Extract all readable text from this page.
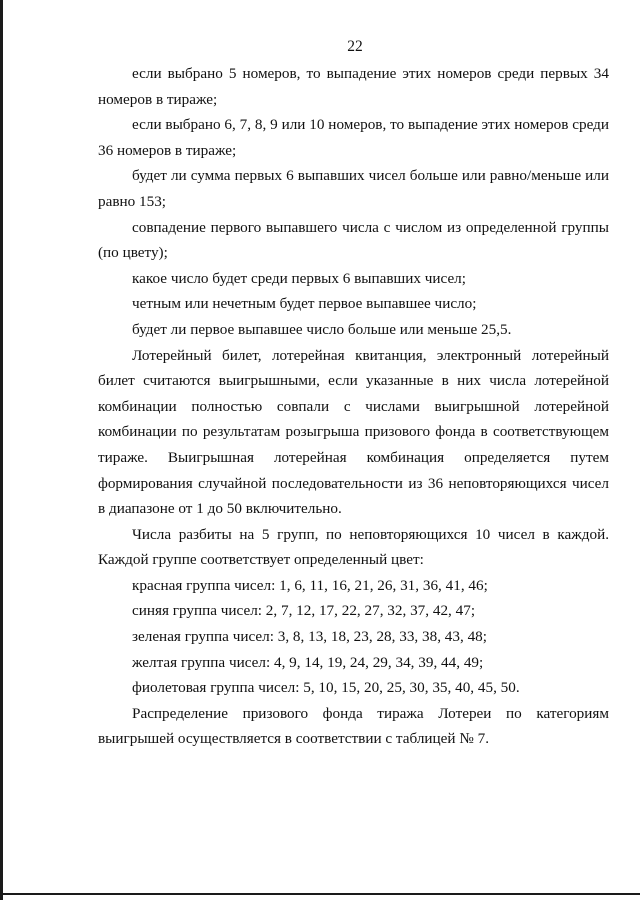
22

если выбрано 5 номеров, то выпадение этих номеров среди первых 34 номеров в тираже;

если выбрано 6, 7, 8, 9 или 10 номеров, то выпадение этих номеров среди 36 номеров в тираже;

будет ли сумма первых 6 выпавших чисел больше или равно/меньше или равно 153;

совпадение первого выпавшего числа с числом из определенной группы (по цвету);

какое число будет среди первых 6 выпавших чисел;

четным или нечетным будет первое выпавшее число;

будет ли первое выпавшее число больше или меньше 25,5.

Лотерейный билет, лотерейная квитанция, электронный лотерейный билет считаются выигрышными, если указанные в них числа лотерейной комбинации полностью совпали с числами выигрышной лотерейной комбинации по результатам розыгрыша призового фонда в соответствующем тираже. Выигрышная лотерейная комбинация определяется путем формирования случайной последовательности из 36 неповторяющихся чисел в диапазоне от 1 до 50 включительно.

Числа разбиты на 5 групп, по неповторяющихся 10 чисел в каждой. Каждой группе соответствует определенный цвет:

красная группа чисел: 1, 6, 11, 16, 21, 26, 31, 36, 41, 46;

синяя группа чисел: 2, 7, 12, 17, 22, 27, 32, 37, 42, 47;

зеленая группа чисел: 3, 8, 13, 18, 23, 28, 33, 38, 43, 48;

желтая группа чисел: 4, 9, 14, 19, 24, 29, 34, 39, 44, 49;

фиолетовая группа чисел: 5, 10, 15, 20, 25, 30, 35, 40, 45, 50.

Распределение призового фонда тиража Лотереи по категориям выигрышей осуществляется в соответствии с таблицей № 7.
